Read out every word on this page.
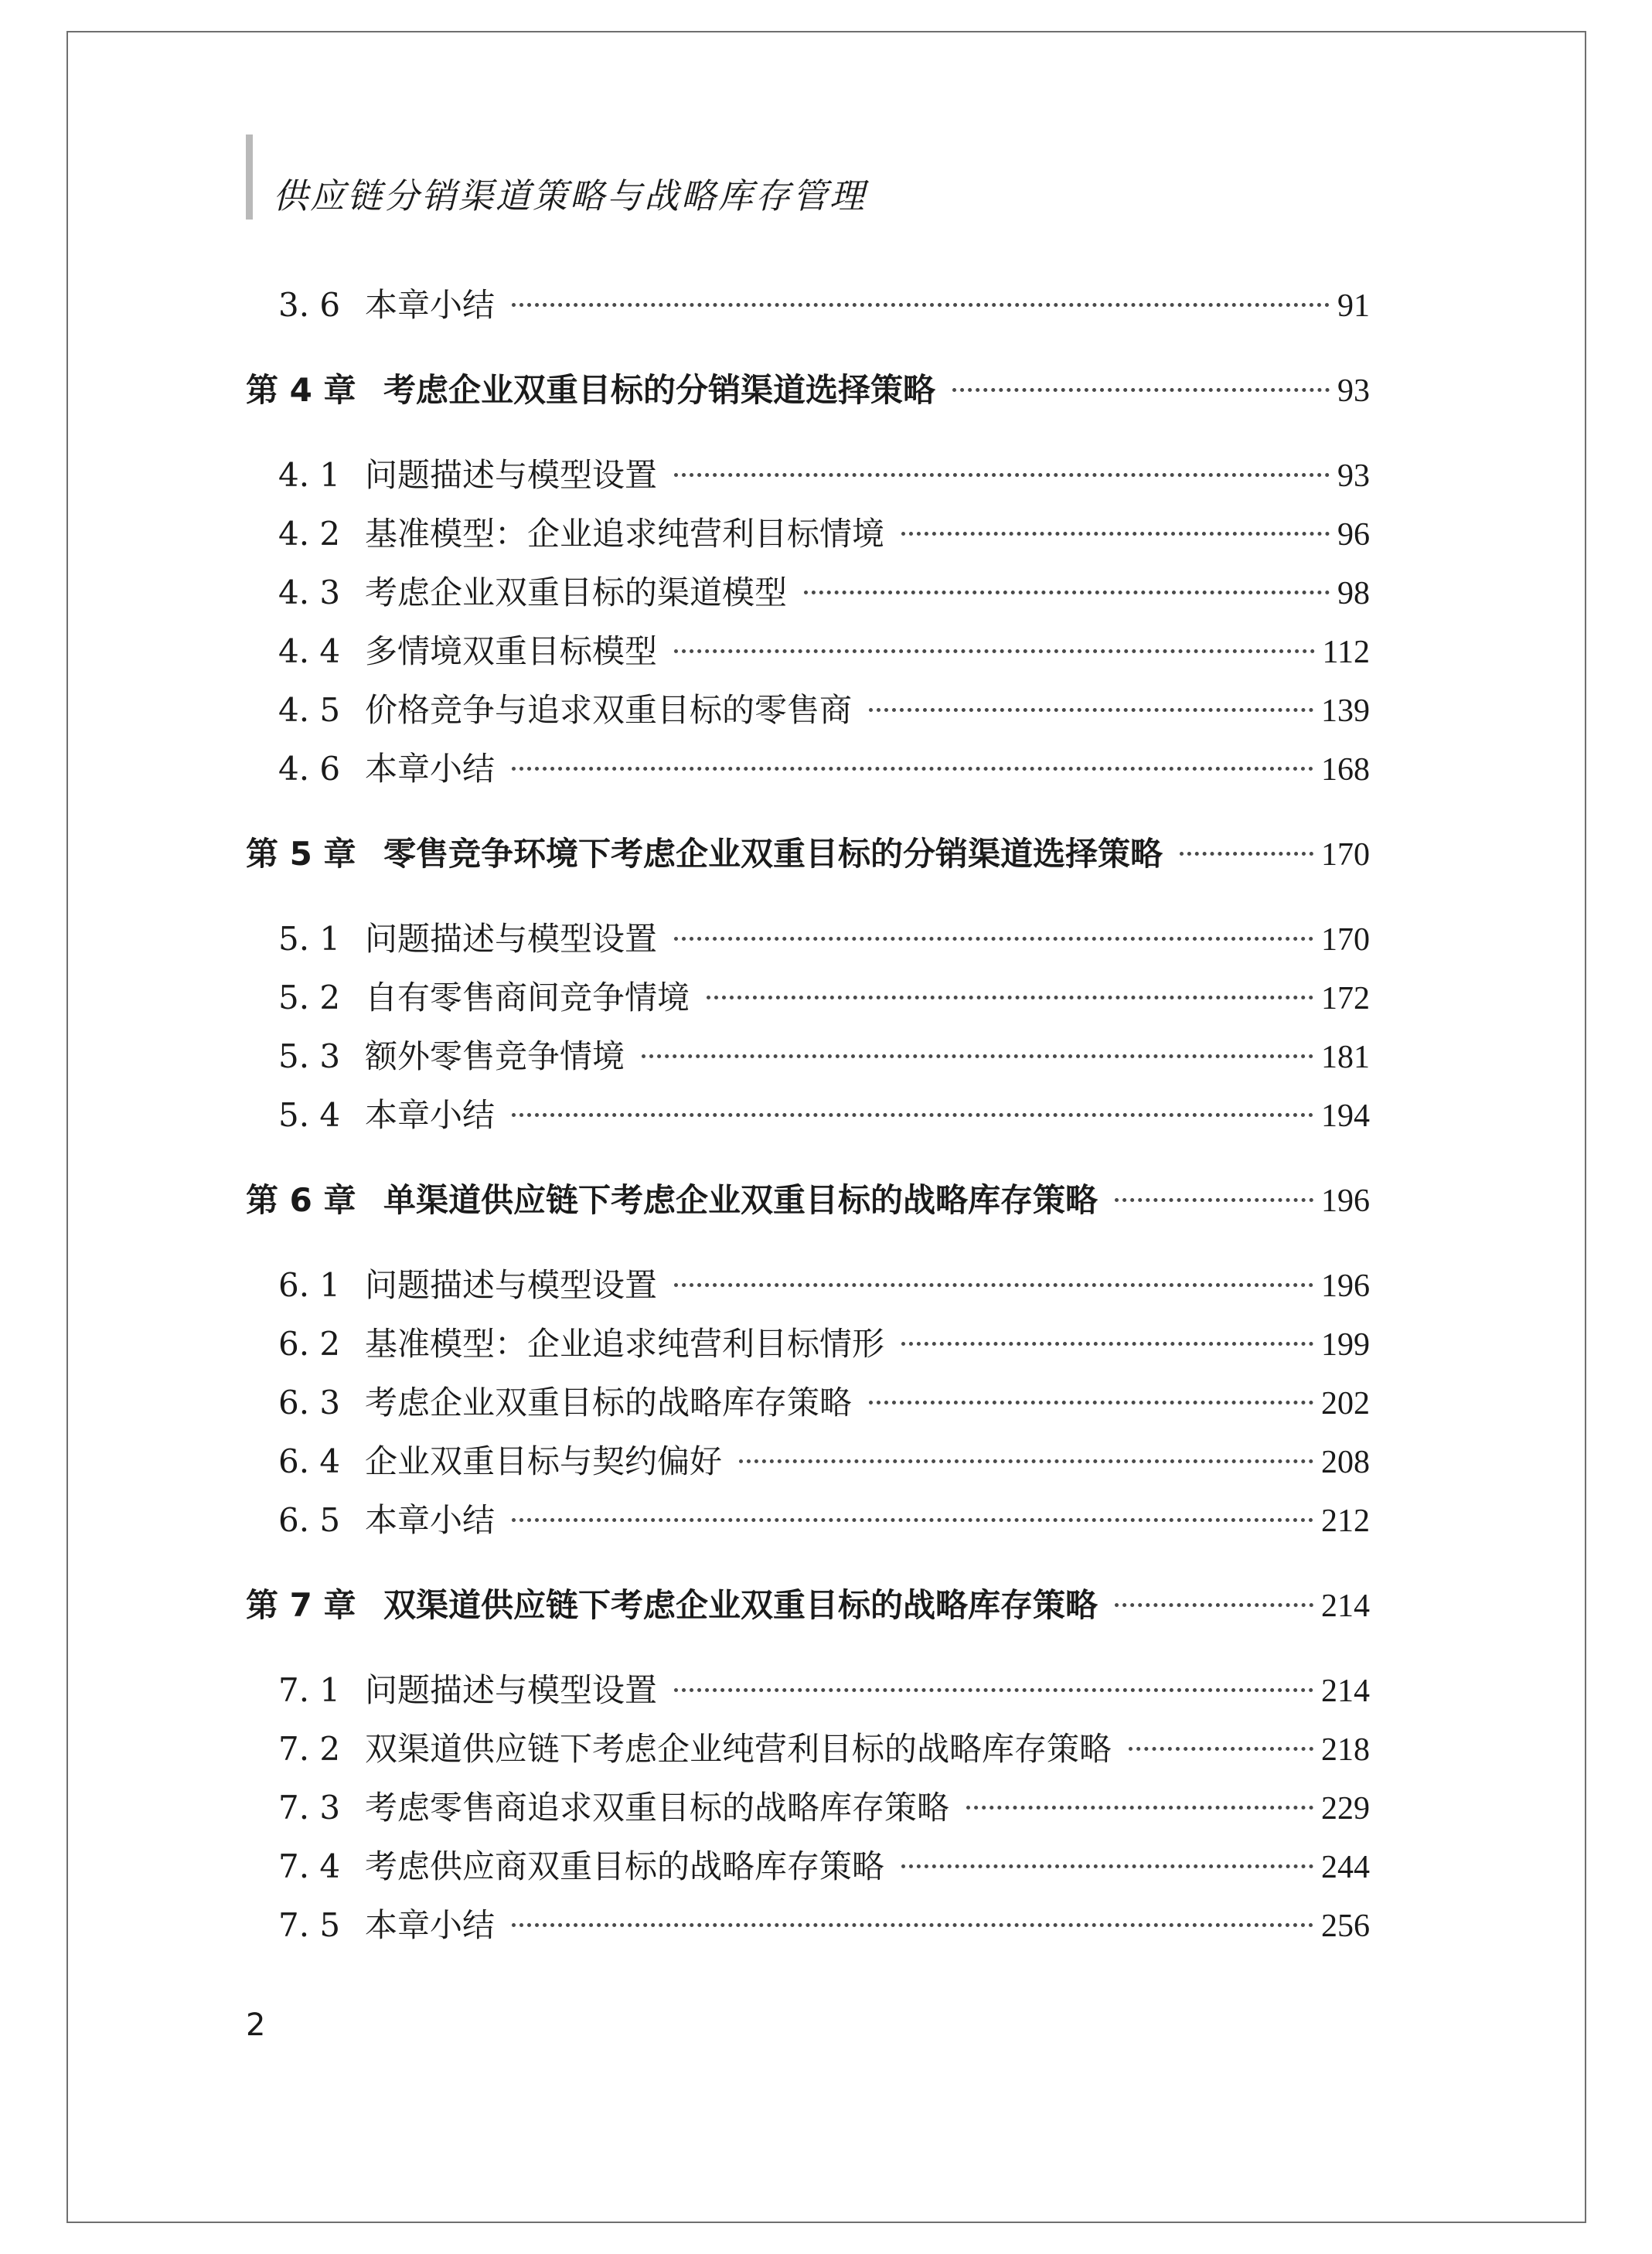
供应链分销渠道策略与战略库存管理
3. 6 本章小结	91
第 4 章 考虑企业双重目标的分销渠道选择策略	93
4. 1 问题描述与模型设置	93
4. 2 基准模型：企业追求纯营利目标情境	96
4. 3 考虑企业双重目标的渠道模型	98
4. 4 多情境双重目标模型	112
4. 5 价格竞争与追求双重目标的零售商	139
4. 6 本章小结	168
第 5 章 零售竞争环境下考虑企业双重目标的分销渠道选择策略	170
5. 1 问题描述与模型设置	170
5. 2 自有零售商间竞争情境	172
5. 3 额外零售竞争情境	181
5. 4 本章小结	194
第 6 章 单渠道供应链下考虑企业双重目标的战略库存策略	196
6. 1 问题描述与模型设置	196
6. 2 基准模型：企业追求纯营利目标情形	199
6. 3 考虑企业双重目标的战略库存策略	202
6. 4 企业双重目标与契约偏好	208
6. 5 本章小结	212
第 7 章 双渠道供应链下考虑企业双重目标的战略库存策略	214
7. 1 问题描述与模型设置	214
7. 2 双渠道供应链下考虑企业纯营利目标的战略库存策略	218
7. 3 考虑零售商追求双重目标的战略库存策略	229
7. 4 考虑供应商双重目标的战略库存策略	244
7. 5 本章小结	256
2
